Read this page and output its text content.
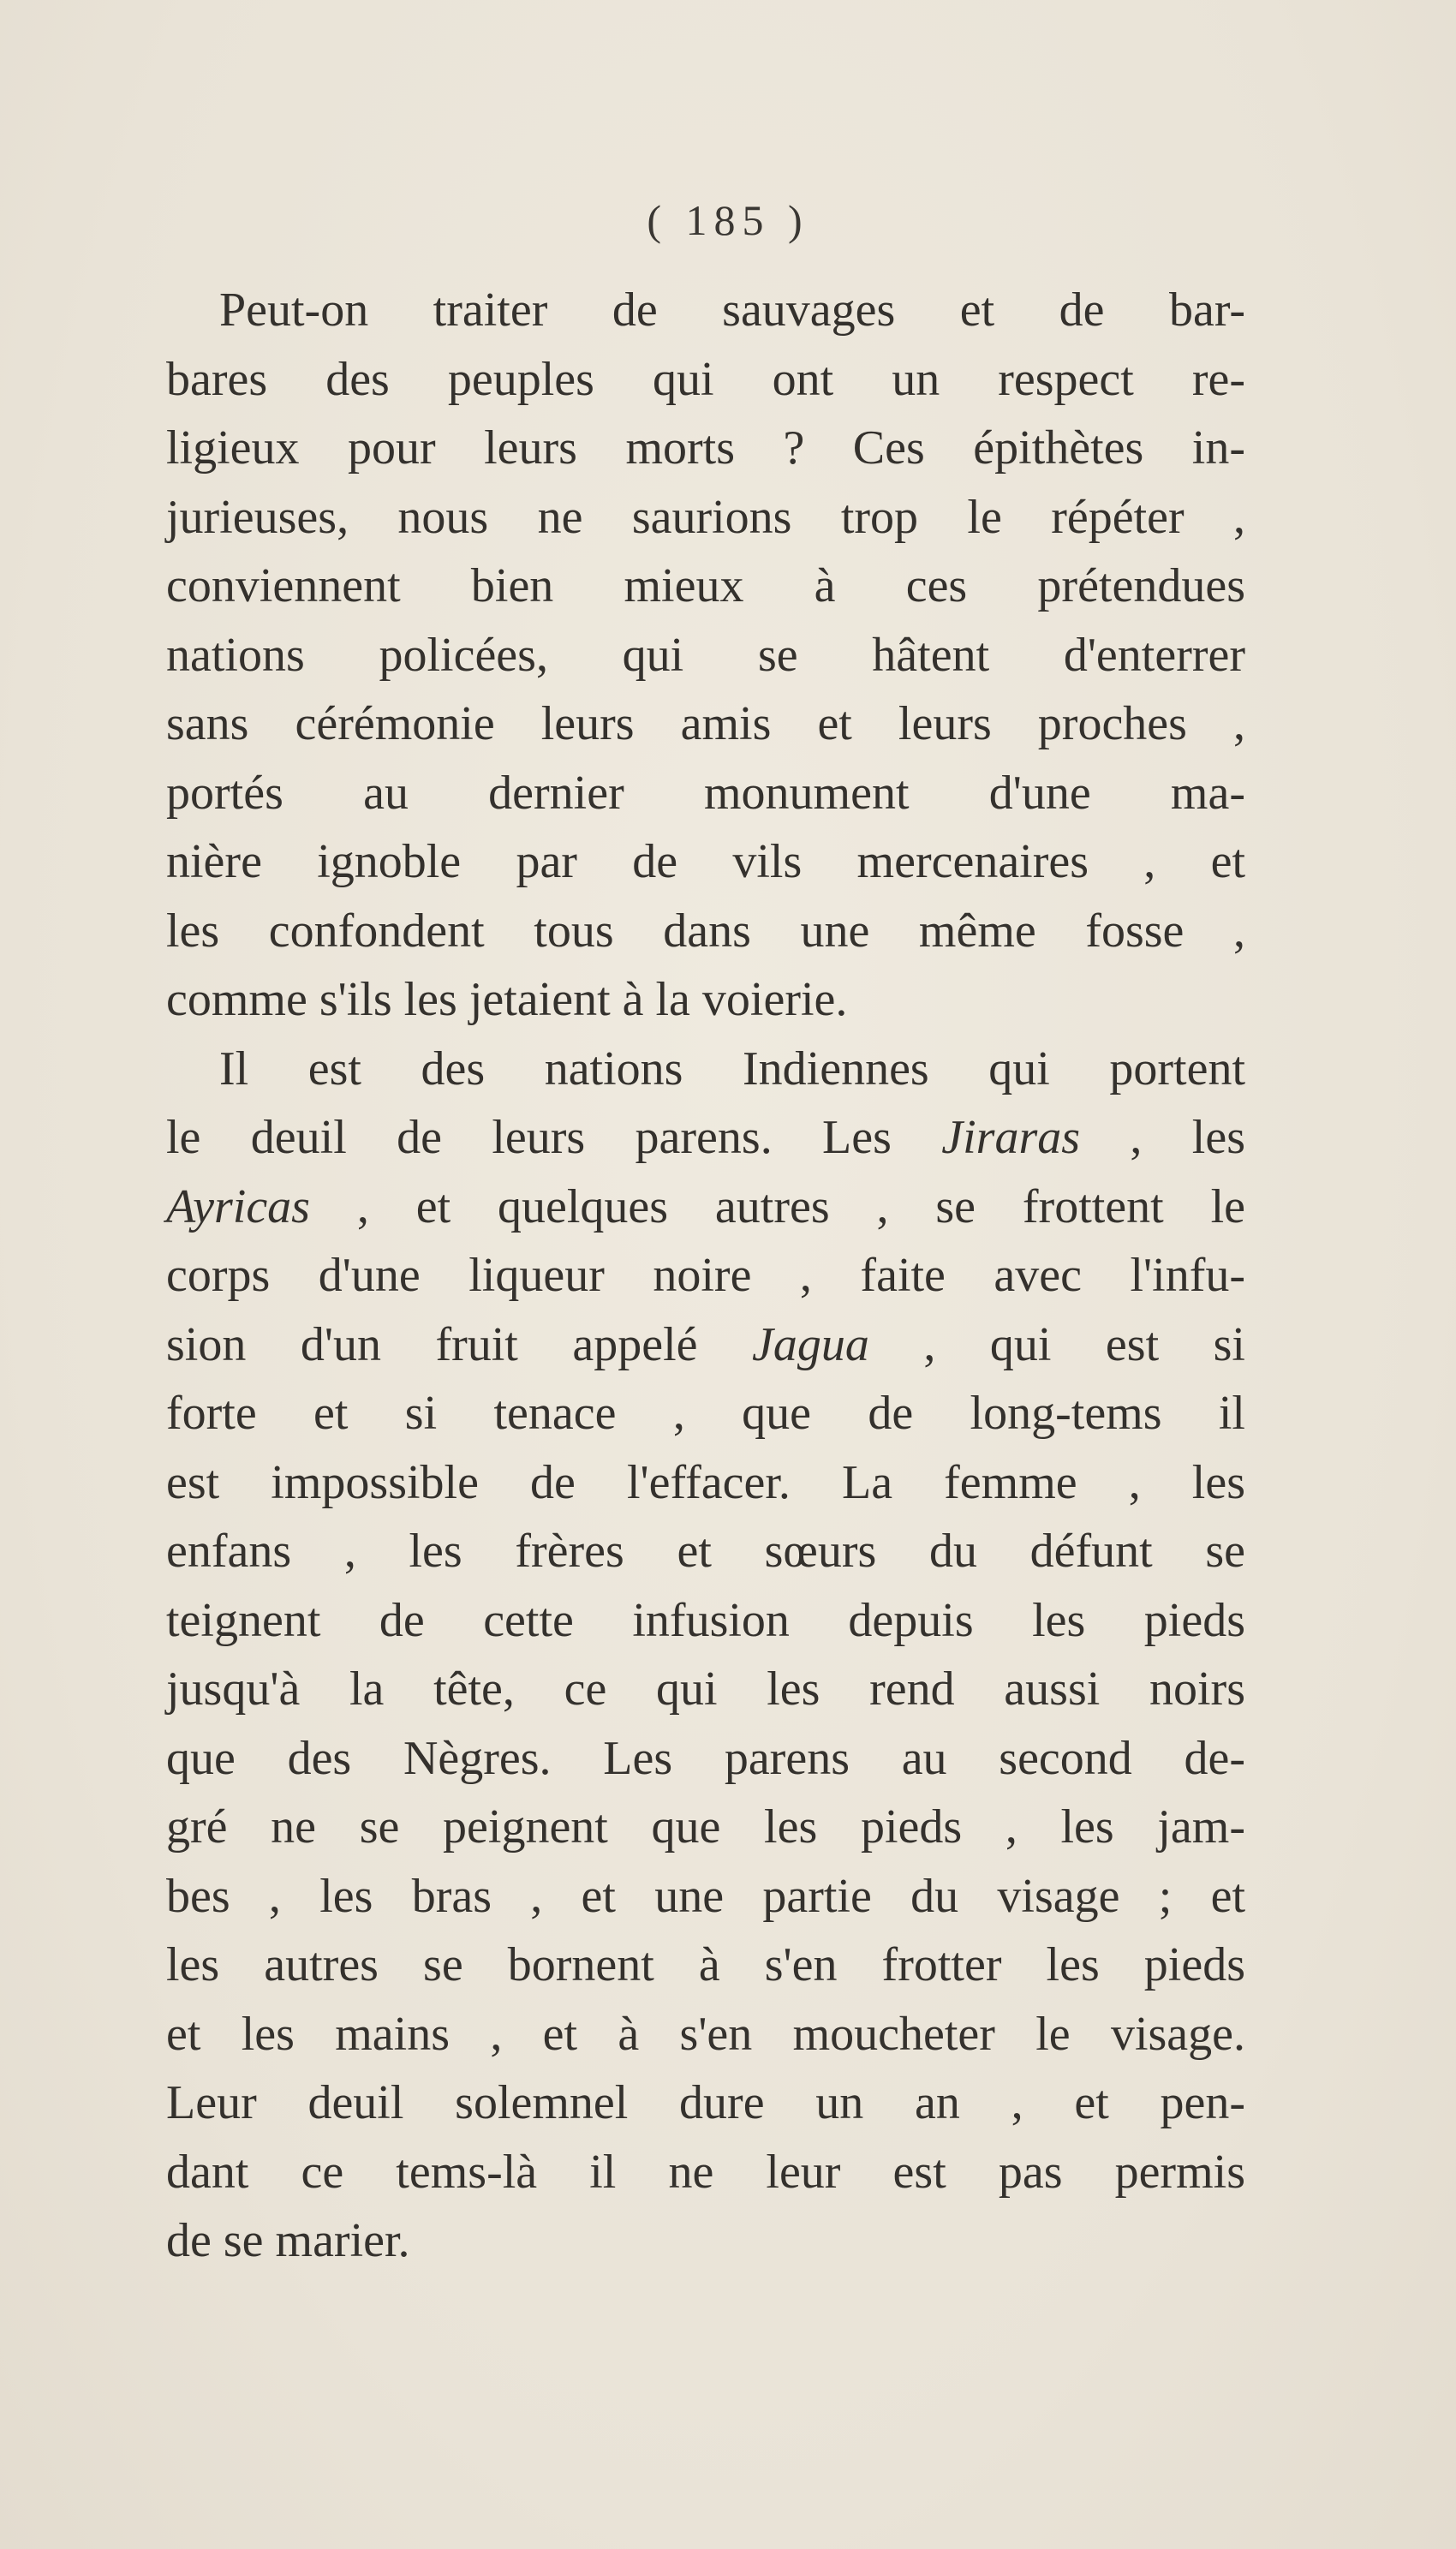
( 185 )
Peut-on traiter de sauvages et de bar-
bares des peuples qui ont un respect re-
ligieux pour leurs morts ? Ces épithètes in-
jurieuses, nous ne saurions trop le répéter ,
conviennent bien mieux à ces prétendues
nations policées, qui se hâtent d'enterrer
sans cérémonie leurs amis et leurs proches ,
portés au dernier monument d'une ma-
nière ignoble par de vils mercenaires , et
les confondent tous dans une même fosse ,
comme s'ils les jetaient à la voierie.
Il est des nations Indiennes qui portent
le deuil de leurs parens. Les Jiraras , les
Ayricas , et quelques autres , se frottent le
corps d'une liqueur noire , faite avec l'infu-
sion d'un fruit appelé Jagua , qui est si
forte et si tenace , que de long-tems il
est impossible de l'effacer. La femme , les
enfans , les frères et sœurs du défunt se
teignent de cette infusion depuis les pieds
jusqu'à la tête, ce qui les rend aussi noirs
que des Nègres. Les parens au second de-
gré ne se peignent que les pieds , les jam-
bes , les bras , et une partie du visage ; et
les autres se bornent à s'en frotter les pieds
et les mains , et à s'en moucheter le visage.
Leur deuil solemnel dure un an , et pen-
dant ce tems-là il ne leur est pas permis
de se marier.
